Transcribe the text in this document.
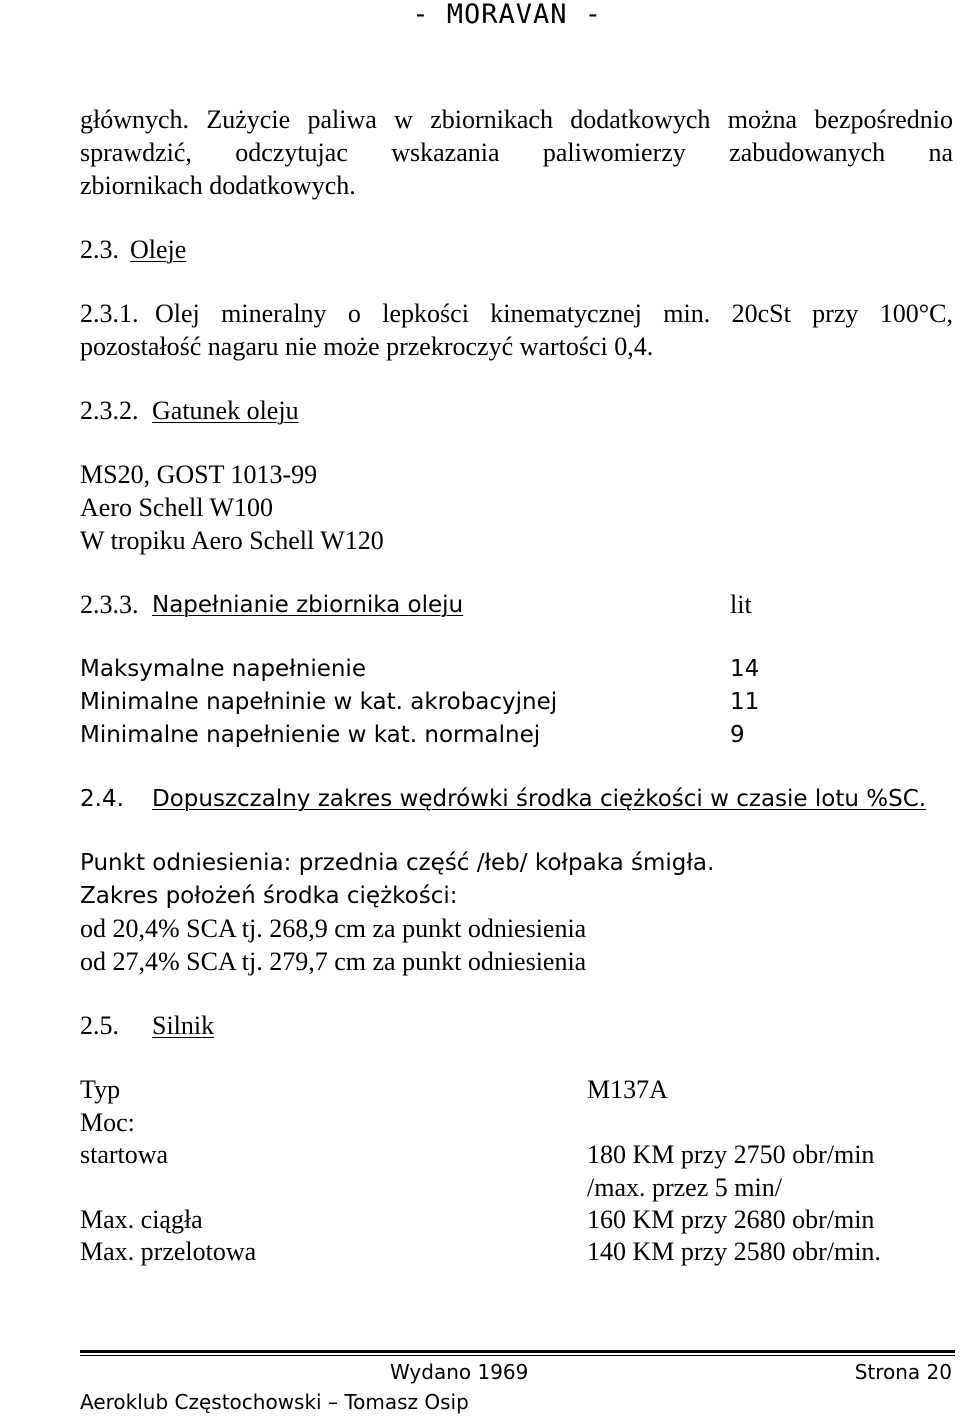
- MORAVAN -
głównych. Zużycie paliwa w zbiornikach dodatkowych można bezpośrednio
sprawdzić, odczytujac wskazania paliwomierzy zabudowanych na
zbiornikach dodatkowych.
2.3. Oleje
2.3.1. Olej mineralny o lepkości kinematycznej min. 20cSt przy 100°C,
pozostałość nagaru nie może przekroczyć wartości 0,4.
2.3.2. Gatunek oleju
MS20, GOST 1013-99
Aero Schell W100
W tropiku Aero Schell W120
2.3.3. Napełnianie zbiornika oleju	lit
Maksymalne napełnienie	14
Minimalne napełninie w kat. akrobacyjnej	11
Minimalne napełnienie w kat. normalnej	9
2.4. Dopuszczalny zakres wędrówki środka ciężkości w czasie lotu %SC.
Punkt odniesienia: przednia część /łeb/ kołpaka śmigła.
Zakres położeń środka ciężkości:
od 20,4% SCA tj. 268,9 cm za punkt odniesienia
od 27,4% SCA tj. 279,7 cm za punkt odniesienia
2.5. Silnik
Typ	M137A
Moc:
startowa	180 KM przy 2750 obr/min
/max. przez 5 min/
Max. ciągła	160 KM przy 2680 obr/min
Max. przelotowa	140 KM przy 2580 obr/min.
Wydano 1969	Strona 20
Aeroklub Częstochowski – Tomasz Osip
